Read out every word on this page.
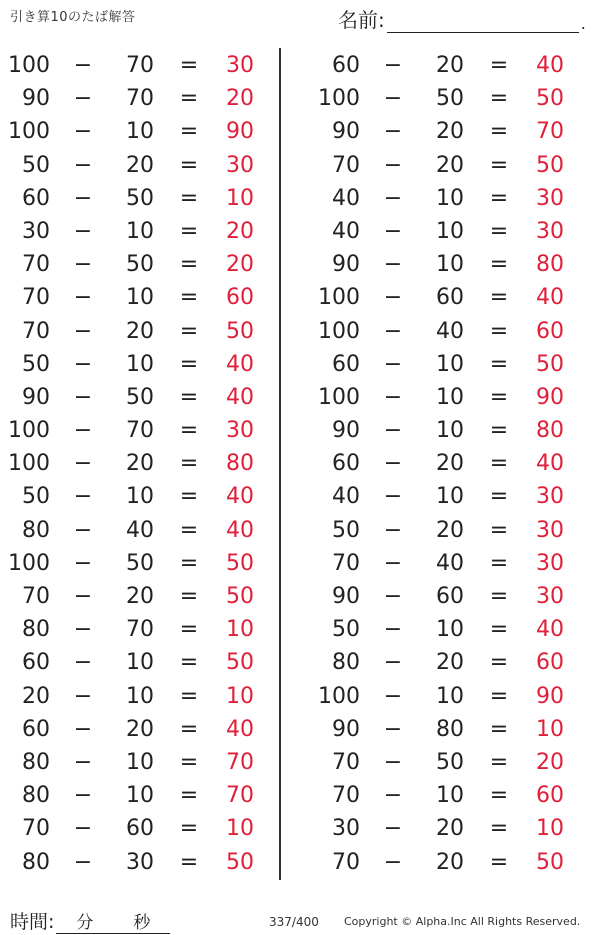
引き算10のたば解答	名前:	.
100 −	70 =	30
90 −	70 =	20
100 −	10 =	90
50 −	20 =	30
60 −	50 =	10
30 −	10 =	20
70 −	50 =	20
70 −	10 =	60
70 −	20 =	50
50 −	10 =	40
90 −	50 =	40
100 −	70 =	30
100 −	20 =	80
50 −	10 =	40
80 −	40 =	40
100 −	50 =	50
70 −	20 =	50
80 −	70 =	10
60 −	10 =	50
20 −	10 =	10
60 −	20 =	40
80 −	10 =	70
80 −	10 =	70
70 −	60 =	10
80 −	30 =	50
60 −	20 =	40
100 −	50 =	50
90 −	20 =	70
70 −	20 =	50
40 −	10 =	30
40 −	10 =	30
90 −	10 =	80
100 −	60 =	40
100 −	40 =	60
60 −	10 =	50
100 −	10 =	90
90 −	10 =	80
60 −	20 =	40
40 −	10 =	30
50 −	20 =	30
70 −	40 =	30
90 −	60 =	30
50 −	10 =	40
80 −	20 =	60
100 −	10 =	90
90 −	80 =	10
70 −	50 =	20
70 −	10 =	60
30 −	20 =	10
70 −	20 =	50
時間: 分 秒	337/400 Copyright © Alpha.Inc All Rights Reserved.
